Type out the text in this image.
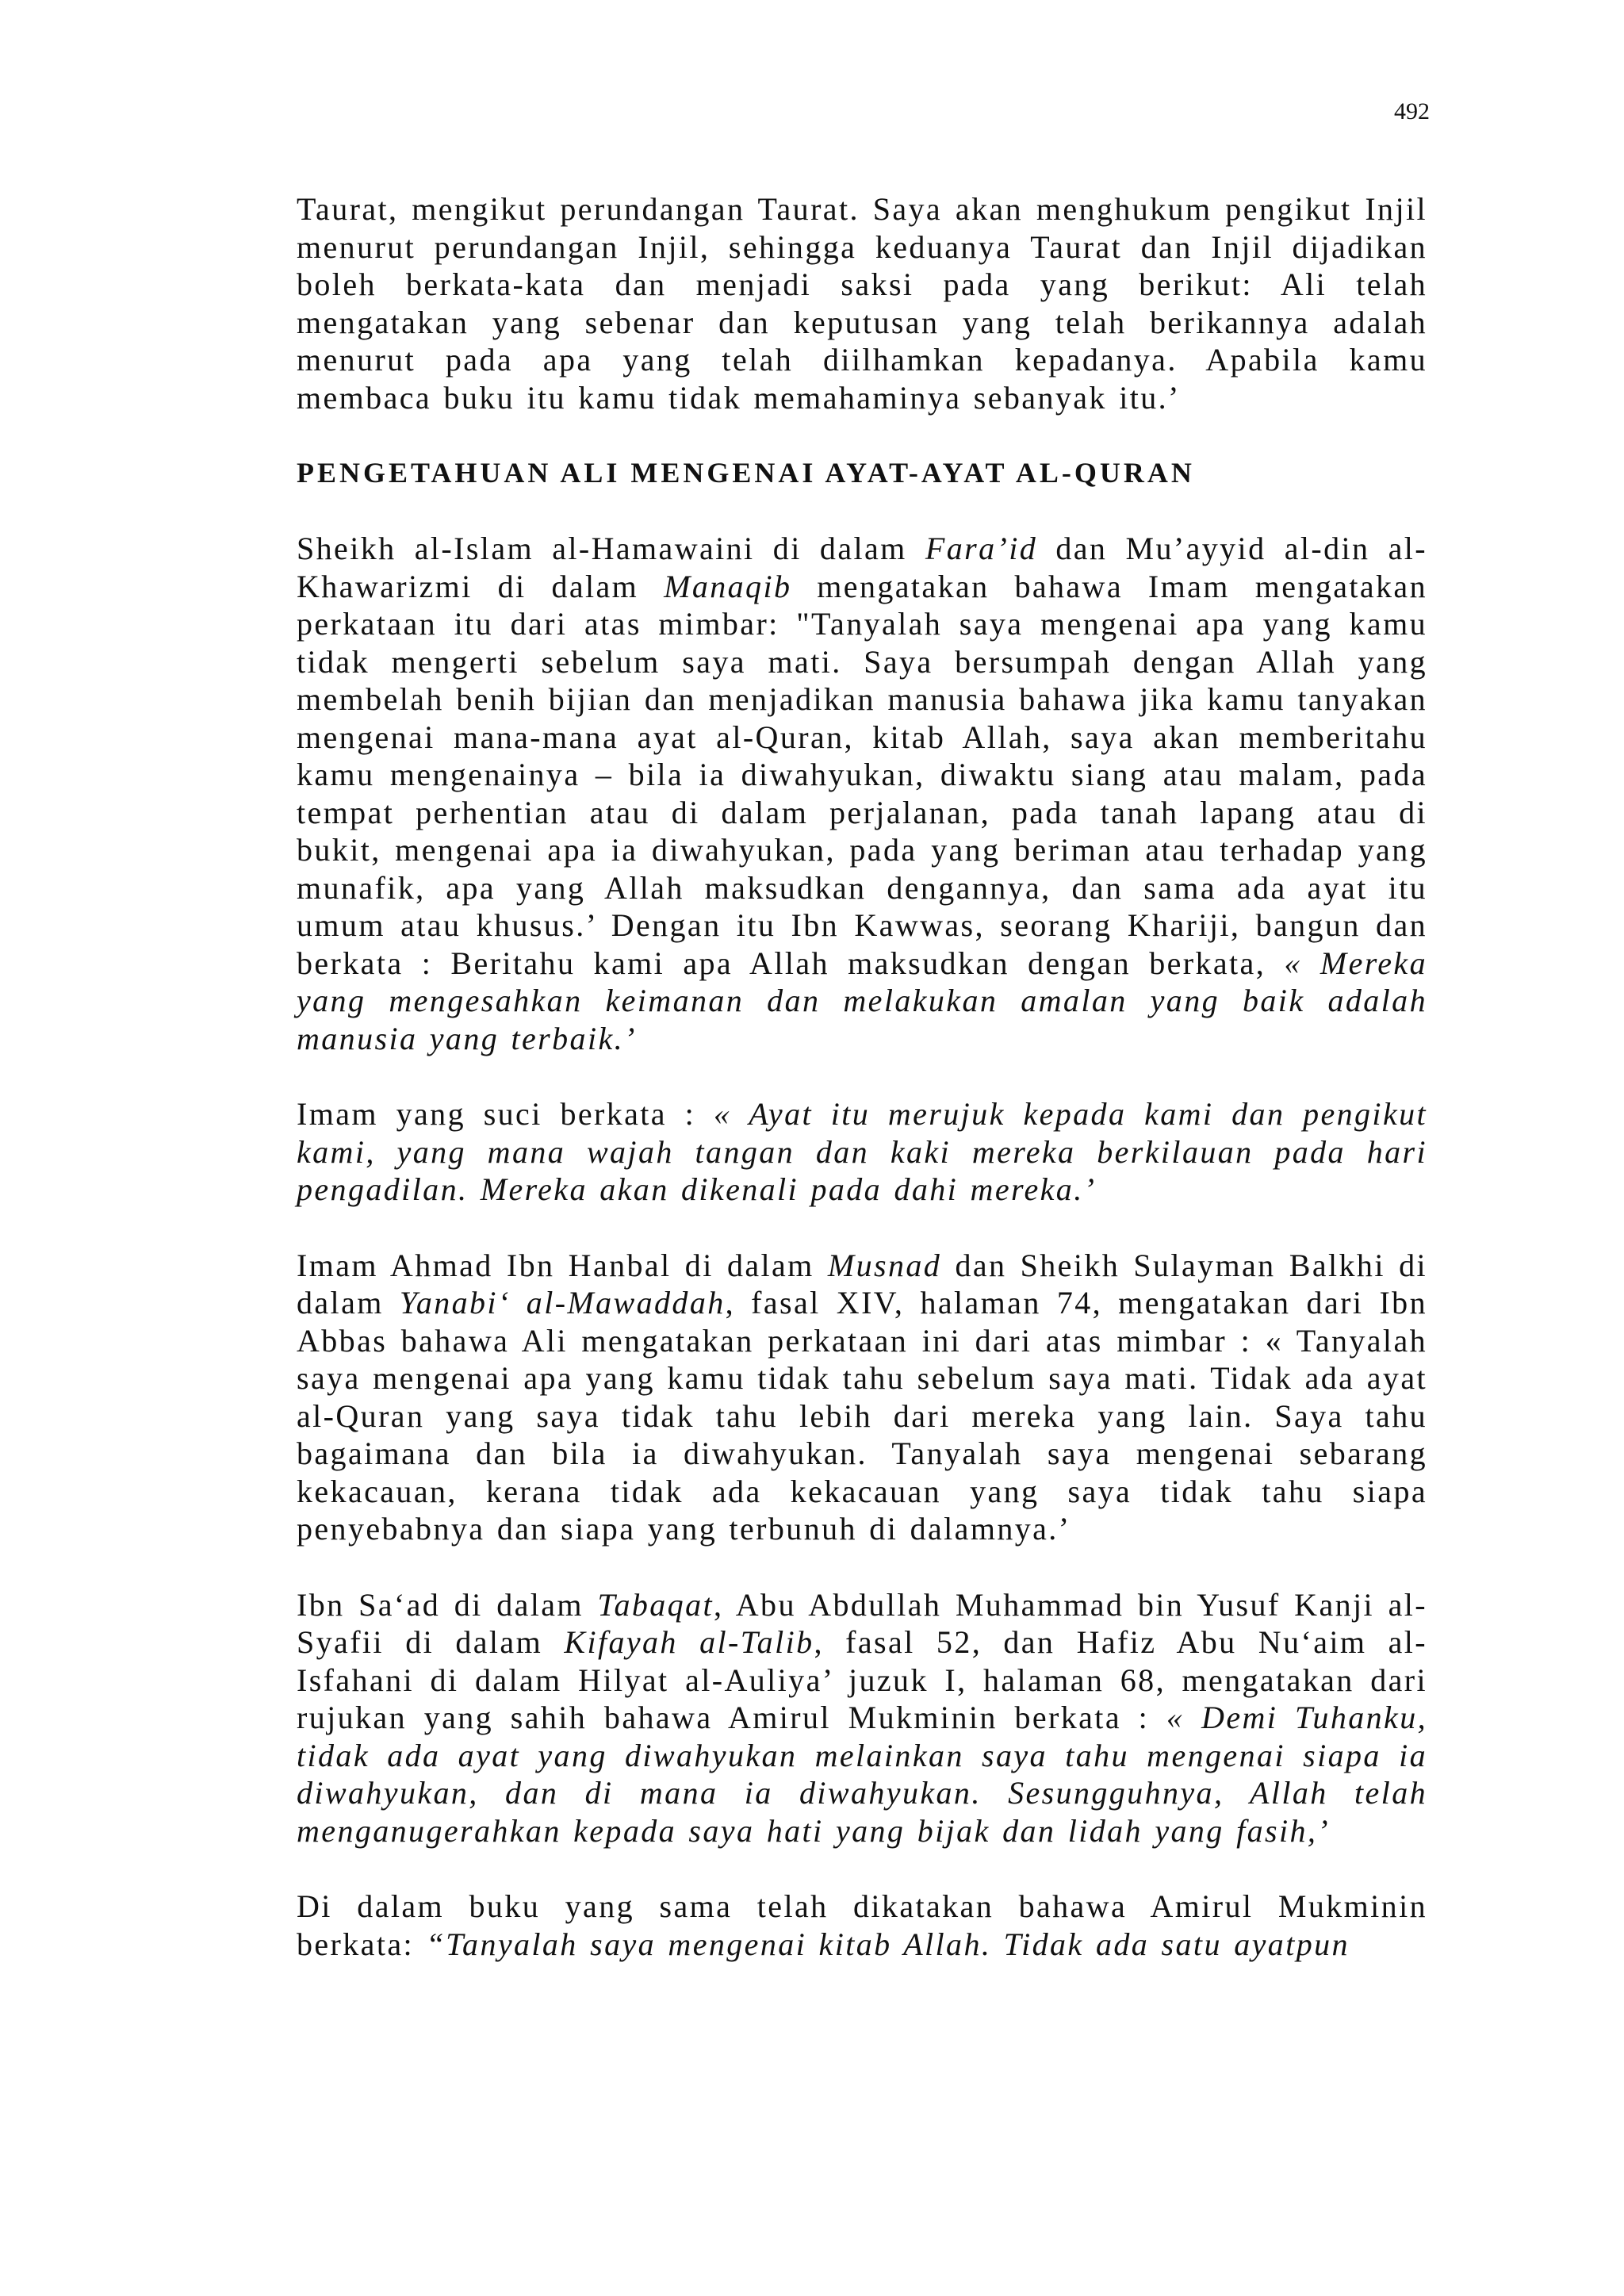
492

Taurat, mengikut perundangan Taurat. Saya akan menghukum pengikut Injil menurut perundangan Injil, sehingga keduanya Taurat dan Injil dijadikan boleh berkata-kata dan menjadi saksi pada yang berikut: Ali telah mengatakan yang sebenar dan keputusan yang telah berikannya adalah menurut pada apa yang telah diilhamkan kepadanya. Apabila kamu membaca buku itu kamu tidak memahaminya sebanyak itu.’

PENGETAHUAN ALI MENGENAI AYAT-AYAT AL-QURAN

Sheikh al-Islam al-Hamawaini di dalam Fara’id dan Mu’ayyid al-din al-Khawarizmi di dalam Manaqib mengatakan bahawa Imam mengatakan perkataan itu dari atas mimbar: "Tanyalah saya mengenai apa yang kamu tidak mengerti sebelum saya mati. Saya bersumpah dengan Allah yang membelah benih bijian dan menjadikan manusia bahawa jika kamu tanyakan mengenai mana-mana ayat al-Quran, kitab Allah, saya akan memberitahu kamu mengenainya – bila ia diwahyukan, diwaktu siang atau malam, pada tempat perhentian atau di dalam perjalanan, pada tanah lapang atau di bukit, mengenai apa ia diwahyukan, pada yang beriman atau terhadap yang munafik, apa yang Allah maksudkan dengannya, dan sama ada ayat itu umum atau khusus.’ Dengan itu Ibn Kawwas, seorang Khariji, bangun dan berkata : Beritahu kami apa Allah maksudkan dengan berkata, « Mereka yang mengesahkan keimanan dan melakukan amalan yang baik adalah manusia yang terbaik.’

Imam yang suci berkata : « Ayat itu merujuk kepada kami dan pengikut kami, yang mana wajah tangan dan kaki mereka berkilauan pada hari pengadilan. Mereka akan dikenali pada dahi mereka.’

Imam Ahmad Ibn Hanbal di dalam Musnad dan Sheikh Sulayman Balkhi di dalam Yanabi‘ al-Mawaddah, fasal XIV, halaman 74, mengatakan dari Ibn Abbas bahawa Ali mengatakan perkataan ini dari atas mimbar : « Tanyalah saya mengenai apa yang kamu tidak tahu sebelum saya mati. Tidak ada ayat al-Quran yang saya tidak tahu lebih dari mereka yang lain. Saya tahu bagaimana dan bila ia diwahyukan. Tanyalah saya mengenai sebarang kekacauan, kerana tidak ada kekacauan yang saya tidak tahu siapa penyebabnya dan siapa yang terbunuh di dalamnya.’

Ibn Sa‘ad di dalam Tabaqat, Abu Abdullah Muhammad bin Yusuf Kanji al-Syafii di dalam Kifayah al-Talib, fasal 52, dan Hafiz Abu Nu‘aim al-Isfahani di dalam Hilyat al-Auliya’ juzuk I, halaman 68, mengatakan dari rujukan yang sahih bahawa Amirul Mukminin berkata : « Demi Tuhanku, tidak ada ayat yang diwahyukan melainkan saya tahu mengenai siapa ia diwahyukan, dan di mana ia diwahyukan. Sesungguhnya, Allah telah menganugerahkan kepada saya hati yang bijak dan lidah yang fasih,’

Di dalam buku yang sama telah dikatakan bahawa Amirul Mukminin berkata: “Tanyalah saya mengenai kitab Allah. Tidak ada satu ayatpun
